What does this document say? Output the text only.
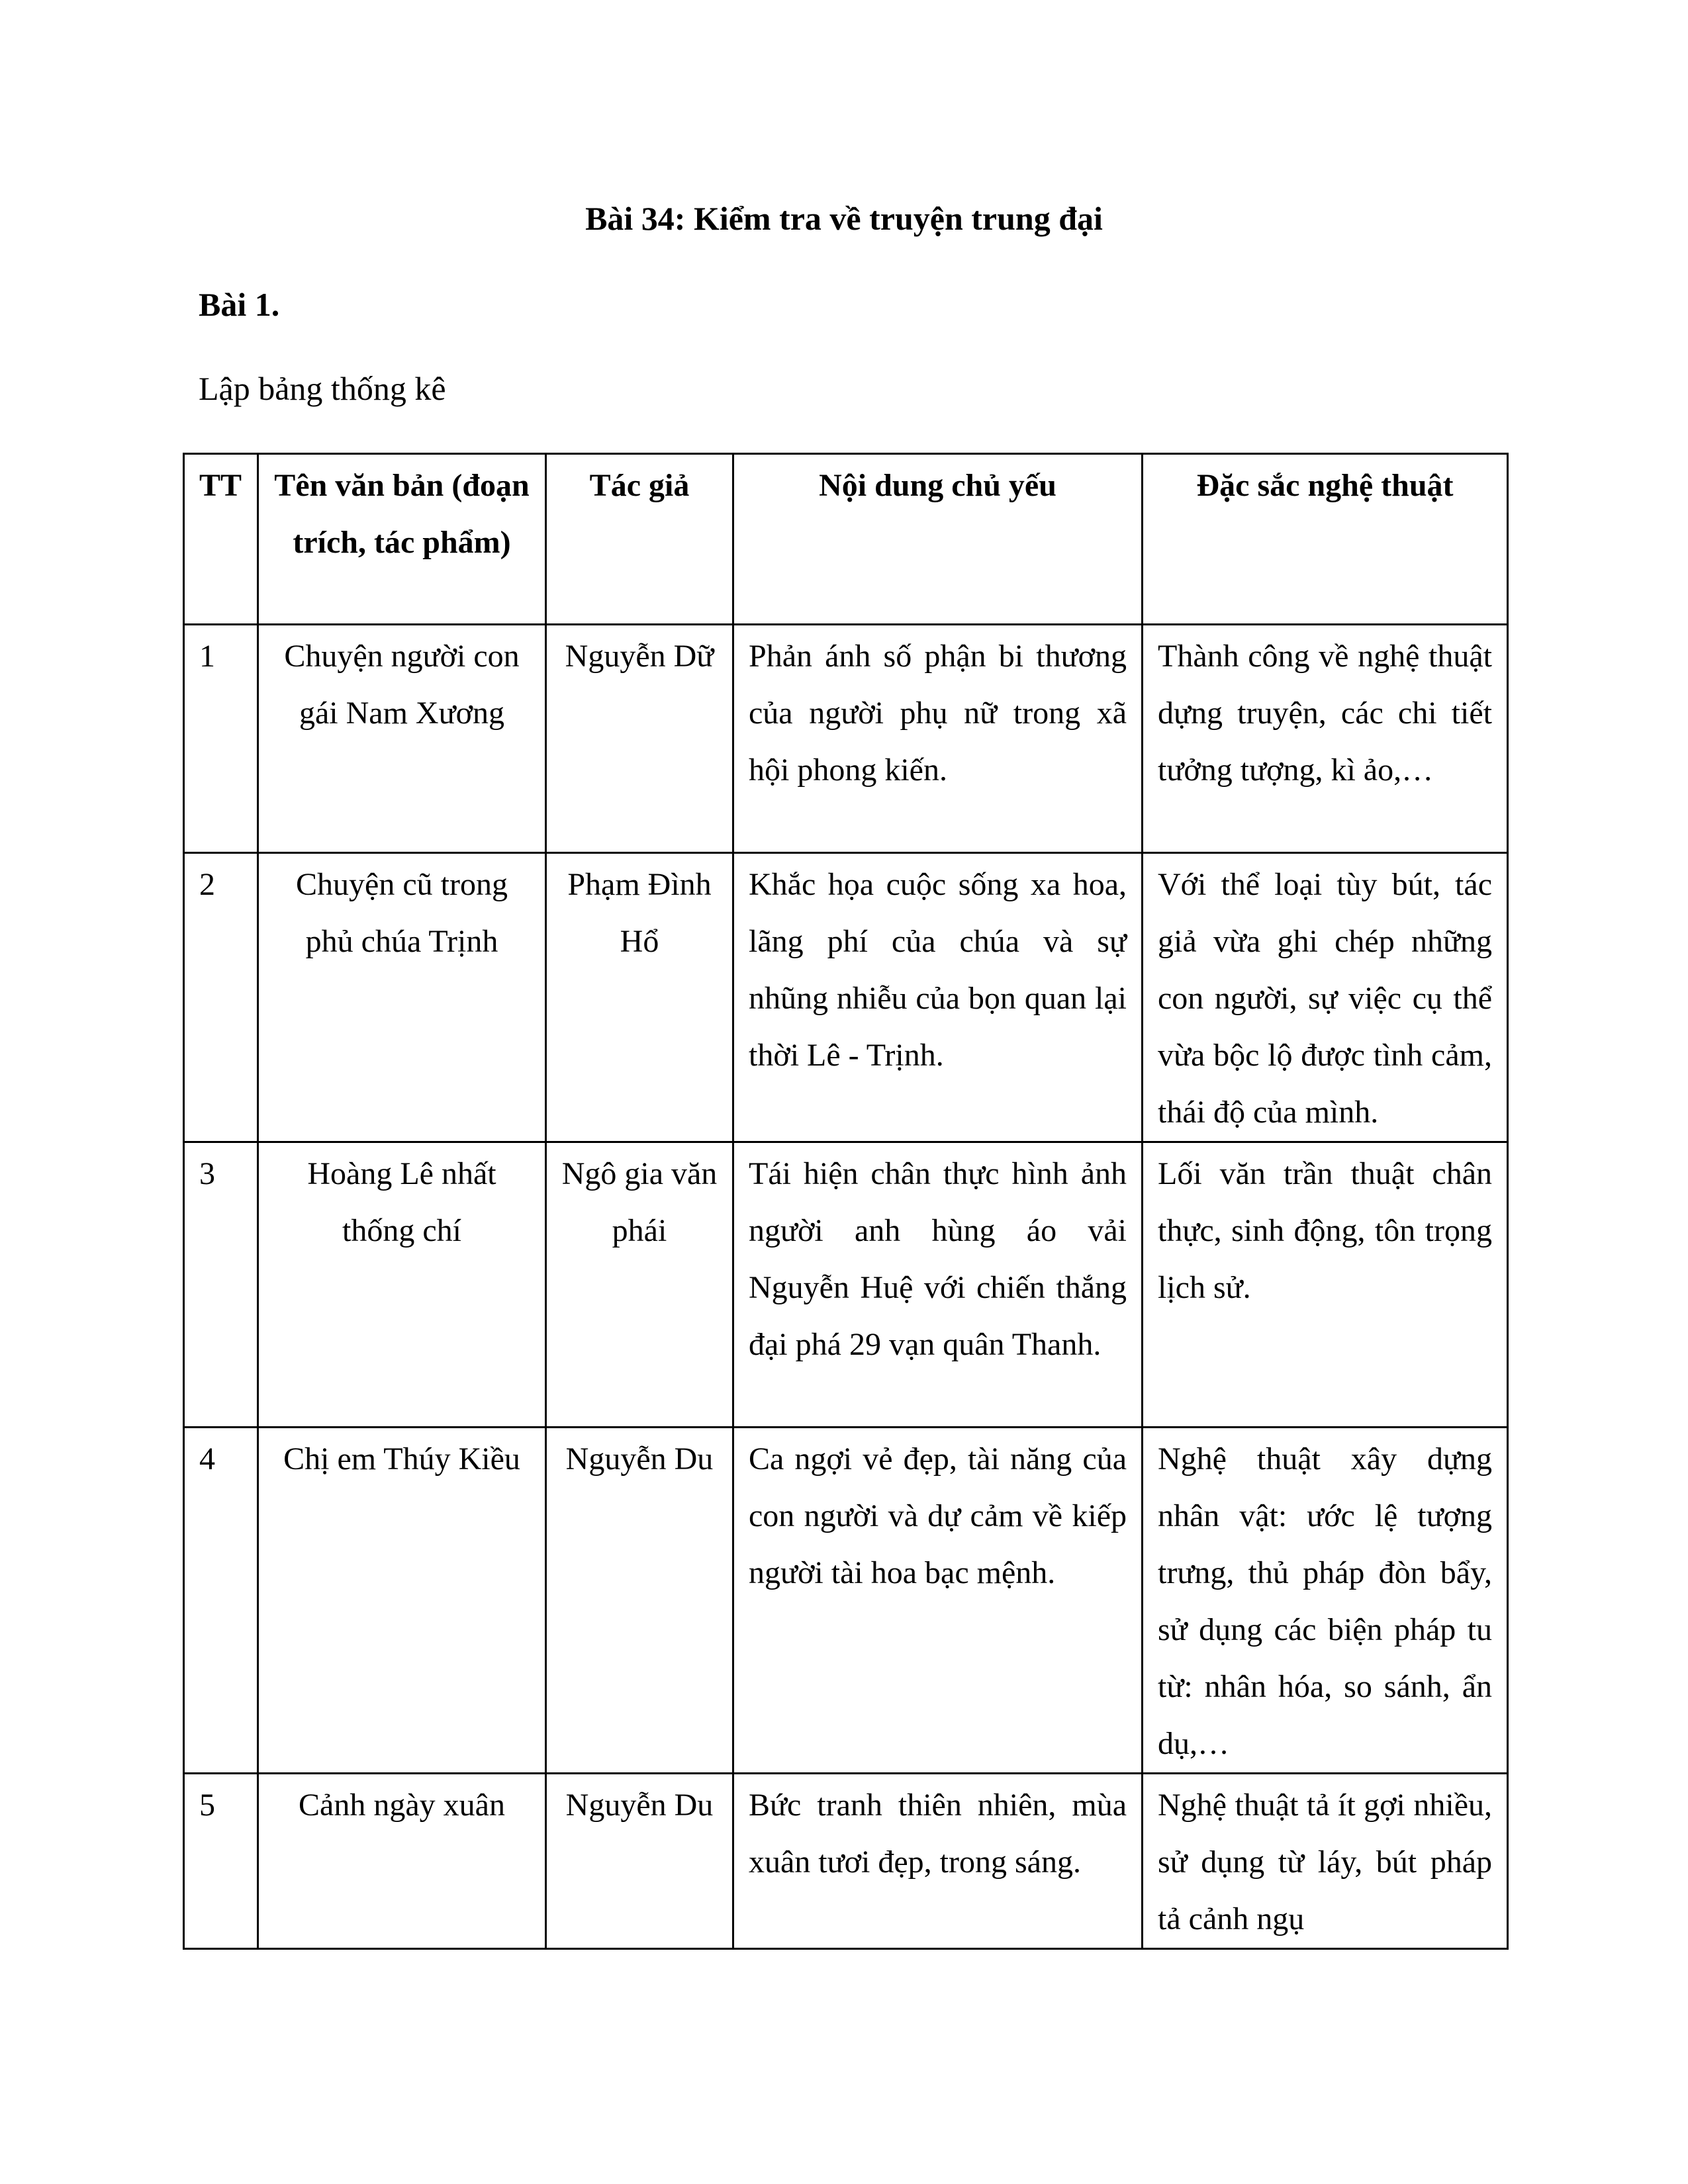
Bài 34: Kiểm tra về truyện trung đại
Bài 1.
Lập bảng thống kê
TT	Tên văn bản (đoạn trích, tác phẩm)	Tác giả	Nội dung chủ yếu	Đặc sắc nghệ thuật
1	Chuyện người con gái Nam Xương	Nguyễn Dữ	Phản ánh số phận bi thương của người phụ nữ trong xã hội phong kiến.	Thành công về nghệ thuật dựng truyện, các chi tiết tưởng tượng, kì ảo,…
2	Chuyện cũ trong phủ chúa Trịnh	Phạm Đình Hổ	Khắc họa cuộc sống xa hoa, lãng phí của chúa và sự nhũng nhiễu của bọn quan lại thời Lê - Trịnh.	Với thể loại tùy bút, tác giả vừa ghi chép những con người, sự việc cụ thể vừa bộc lộ được tình cảm, thái độ của mình.
3	Hoàng Lê nhất thống chí	Ngô gia văn phái	Tái hiện chân thực hình ảnh người anh hùng áo vải Nguyễn Huệ với chiến thắng đại phá 29 vạn quân Thanh.	Lối văn trần thuật chân thực, sinh động, tôn trọng lịch sử.
4	Chị em Thúy Kiều	Nguyễn Du	Ca ngợi vẻ đẹp, tài năng của con người và dự cảm về kiếp người tài hoa bạc mệnh.	Nghệ thuật xây dựng nhân vật: ước lệ tượng trưng, thủ pháp đòn bẩy, sử dụng các biện pháp tu từ: nhân hóa, so sánh, ẩn dụ,…
5	Cảnh ngày xuân	Nguyễn Du	Bức tranh thiên nhiên, mùa xuân tươi đẹp, trong sáng.	Nghệ thuật tả ít gợi nhiều, sử dụng từ láy, bút pháp tả cảnh ngụ
